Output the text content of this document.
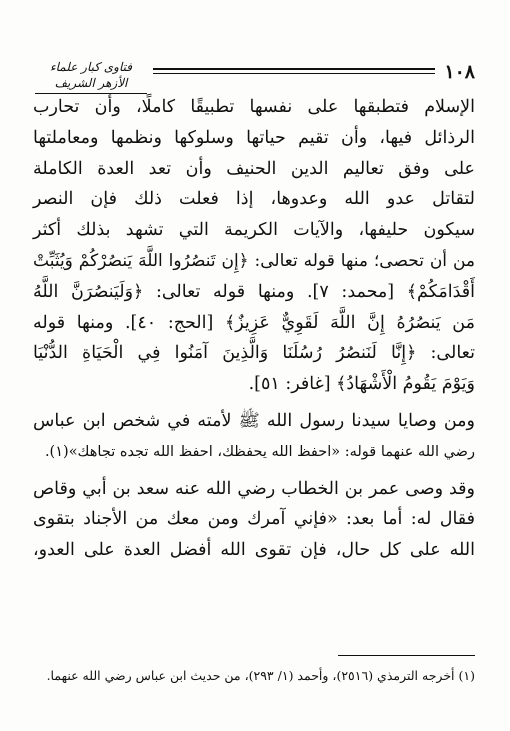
١٠٨
فتاوى كبار علماء الأزهر الشريف
الإسلام فتطبقها على نفسها تطبيقًا كاملًا، وأن تحارب
الرذائل فيها، وأن تقيم حياتها وسلوكها ونظمها ومعاملتها
على وفق تعاليم الدين الحنيف وأن تعد العدة الكاملة
لتقاتل عدو الله وعدوها، إذا فعلت ذلك فإن النصر
سيكون حليفها، والآيات الكريمة التي تشهد بذلك أكثر
من أن تحصى؛ منها قوله تعالى: ﴿إِن تَنصُرُوا اللَّهَ يَنصُرْكُمْ وَيُثَبِّتْ
أَقْدَامَكُمْ﴾ [محمد: ٧]. ومنها قوله تعالى: ﴿وَلَيَنصُرَنَّ اللَّهُ
مَن يَنصُرُهُ إِنَّ اللَّهَ لَقَوِيٌّ عَزِيزٌ﴾ [الحج: ٤٠]. ومنها قوله
تعالى: ﴿إِنَّا لَنَنصُرُ رُسُلَنَا وَالَّذِينَ آمَنُوا فِي الْحَيَاةِ الدُّنْيَا
وَيَوْمَ يَقُومُ الْأَشْهَادُ﴾ [غافر: ٥١].
ومن وصايا سيدنا رسول الله ﷺ لأمته في شخص ابن عباس
رضي الله عنهما قوله: «احفظ الله يحفظك، احفظ الله تجده تجاهك»(١).
وقد وصى عمر بن الخطاب رضي الله عنه سعد بن أبي وقاص
فقال له: أما بعد: «فإني آمرك ومن معك من الأجناد بتقوى
الله على كل حال، فإن تقوى الله أفضل العدة على العدو،
(١) أخرجه الترمذي (٢٥١٦)، وأحمد (١/ ٢٩٣)، من حديث ابن عباس رضي الله عنهما.
